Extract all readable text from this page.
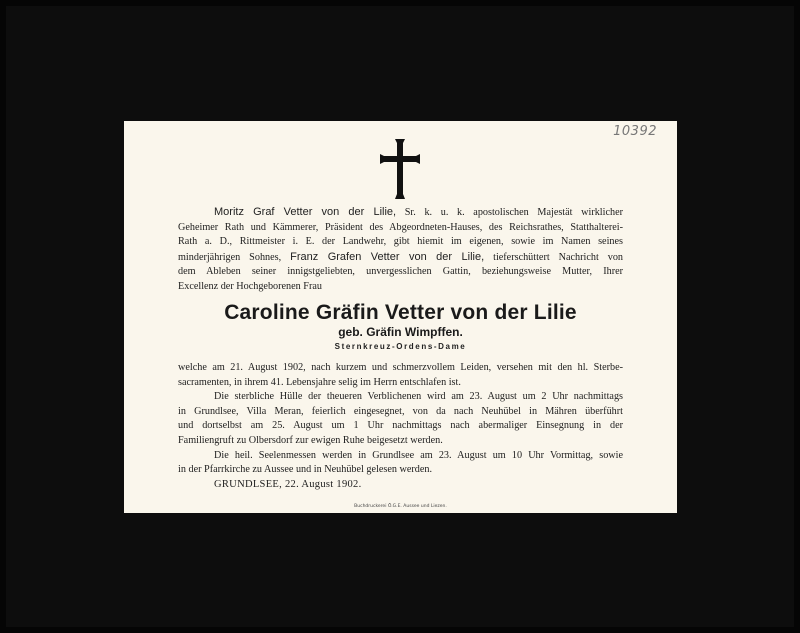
10392
Moritz Graf Vetter von der Lilie, Sr. k. u. k. apostolischen Majestät wirklicher
Geheimer Rath und Kämmerer, Präsident des Abgeordneten-Hauses, des Reichsrathes, Statthalterei-
Rath a. D., Rittmeister i. E. der Landwehr, gibt hiemit im eigenen, sowie im Namen seines
minderjährigen Sohnes, Franz Grafen Vetter von der Lilie, tieferschüttert Nachricht von
dem Ableben seiner innigstgeliebten, unvergesslichen Gattin, beziehungsweise Mutter, Ihrer
Excellenz der Hochgeborenen Frau
Caroline Gräfin Vetter von der Lilie
geb. Gräfin Wimpffen.
Sternkreuz-Ordens-Dame
welche am 21. August 1902, nach kurzem und schmerzvollem Leiden, versehen mit den hl. Sterbe-
sacramenten, in ihrem 41. Lebensjahre selig im Herrn entschlafen ist.
Die sterbliche Hülle der theueren Verblichenen wird am 23. August um 2 Uhr nachmittags
in Grundlsee, Villa Meran, feierlich eingesegnet, von da nach Neuhübel in Mähren überführt
und dortselbst am 25. August um 1 Uhr nachmittags nach abermaliger Einsegnung in der
Familiengruft zu Olbersdorf zur ewigen Ruhe beigesetzt werden.
Die heil. Seelenmessen werden in Grundlsee am 23. August um 10 Uhr Vormittag, sowie
in der Pfarrkirche zu Aussee und in Neuhübel gelesen werden.
GRUNDLSEE, 22. August 1902.
Buchdruckerei Ö.G.E. Aussee und Liezen.
